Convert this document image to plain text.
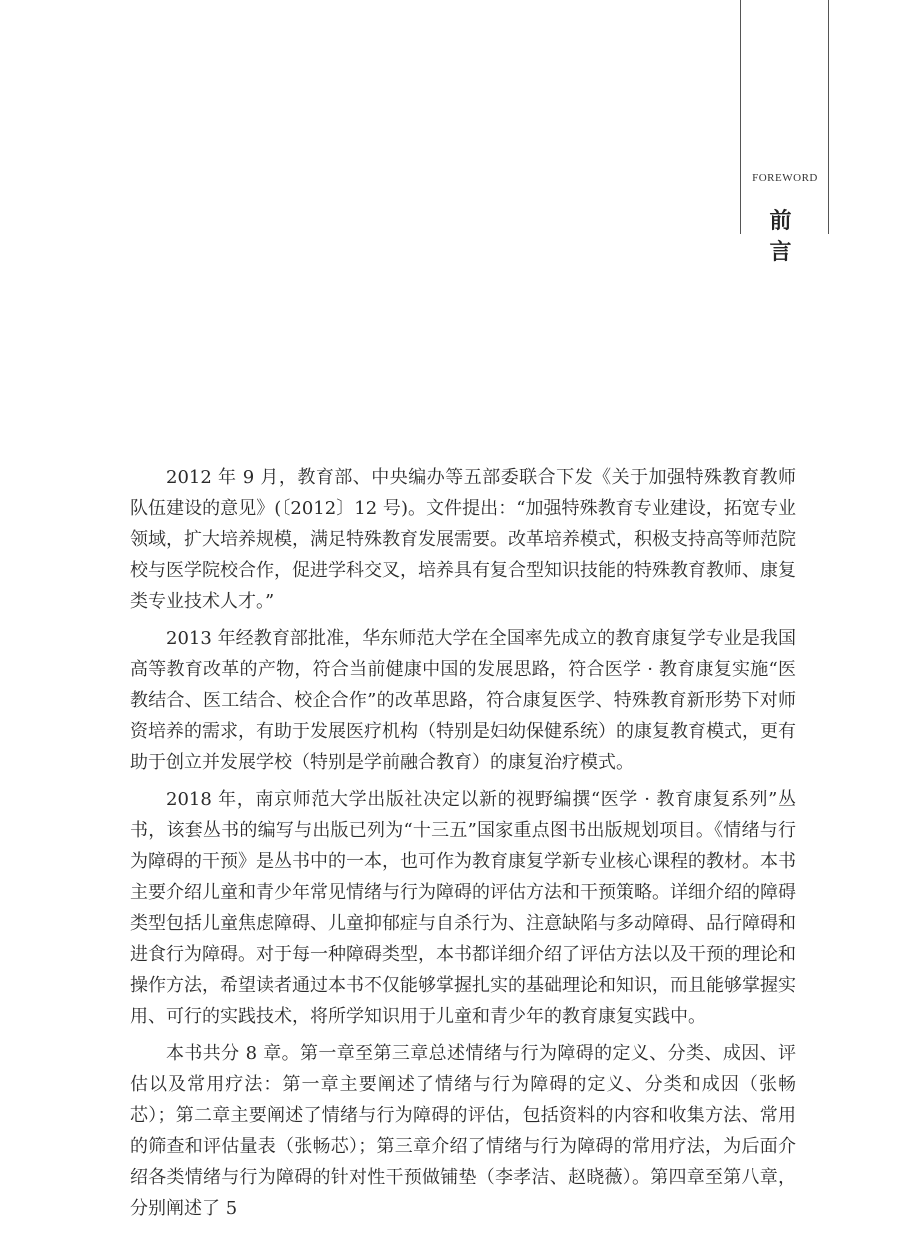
FOREWORD
前 言

2012 年 9 月，教育部、中央编办等五部委联合下发《关于加强特殊教育教师队伍建设的意见》(〔2012〕12 号)。文件提出：“加强特殊教育专业建设，拓宽专业领域，扩大培养规模，满足特殊教育发展需要。改革培养模式，积极支持高等师范院校与医学院校合作，促进学科交叉，培养具有复合型知识技能的特殊教育教师、康复类专业技术人才。”

2013 年经教育部批准，华东师范大学在全国率先成立的教育康复学专业是我国高等教育改革的产物，符合当前健康中国的发展思路，符合医学 · 教育康复实施“医教结合、医工结合、校企合作”的改革思路，符合康复医学、特殊教育新形势下对师资培养的需求，有助于发展医疗机构（特别是妇幼保健系统）的康复教育模式，更有助于创立并发展学校（特别是学前融合教育）的康复治疗模式。

2018 年，南京师范大学出版社决定以新的视野编撰“医学 · 教育康复系列”丛书，该套丛书的编写与出版已列为“十三五”国家重点图书出版规划项目。《情绪与行为障碍的干预》是丛书中的一本，也可作为教育康复学新专业核心课程的教材。本书主要介绍儿童和青少年常见情绪与行为障碍的评估方法和干预策略。详细介绍的障碍类型包括儿童焦虑障碍、儿童抑郁症与自杀行为、注意缺陷与多动障碍、品行障碍和进食行为障碍。对于每一种障碍类型，本书都详细介绍了评估方法以及干预的理论和操作方法，希望读者通过本书不仅能够掌握扎实的基础理论和知识，而且能够掌握实用、可行的实践技术，将所学知识用于儿童和青少年的教育康复实践中。

本书共分 8 章。第一章至第三章总述情绪与行为障碍的定义、分类、成因、评估以及常用疗法：第一章主要阐述了情绪与行为障碍的定义、分类和成因（张畅芯）；第二章主要阐述了情绪与行为障碍的评估，包括资料的内容和收集方法、常用的筛查和评估量表（张畅芯）；第三章介绍了情绪与行为障碍的常用疗法，为后面介绍各类情绪与行为障碍的针对性干预做铺垫（李孝洁、赵晓薇）。第四章至第八章，分别阐述了 5
